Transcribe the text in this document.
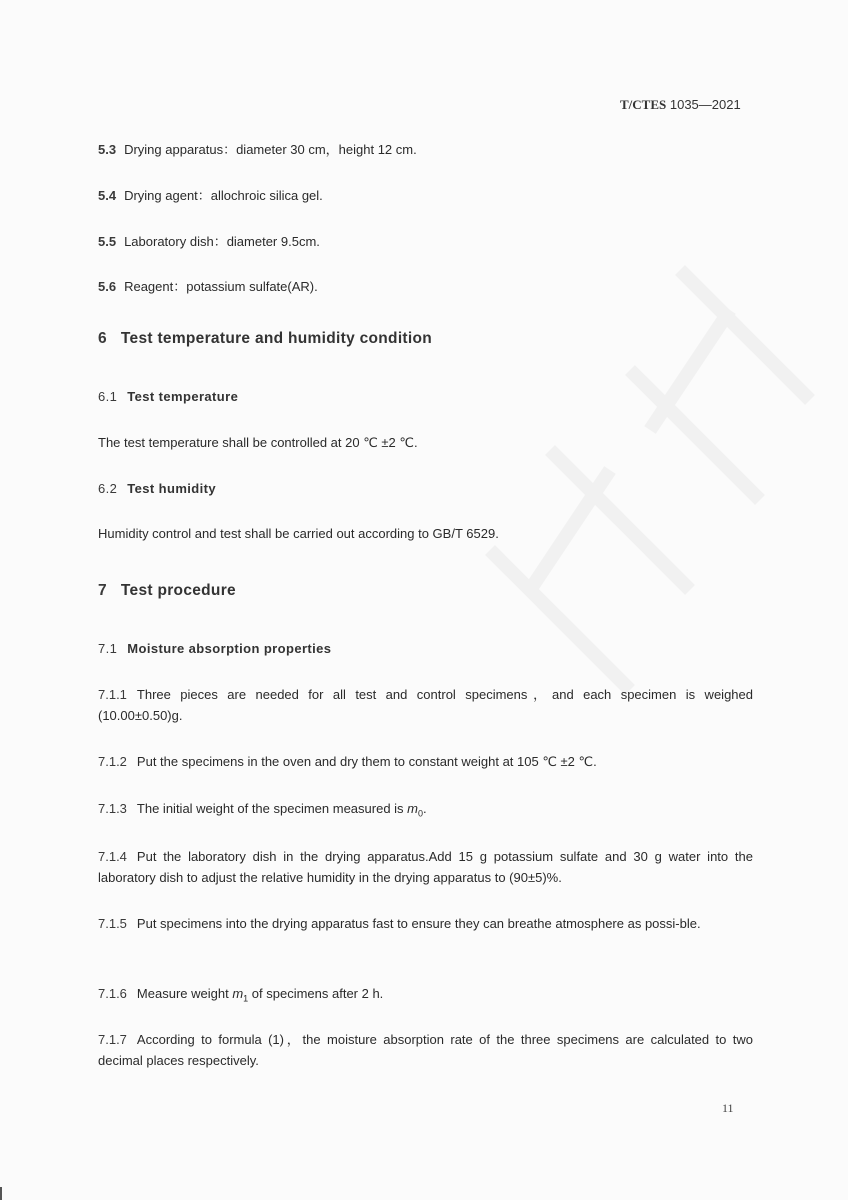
T/CTES 1035—2021
5.3 Drying apparatus：diameter 30 cm，height 12 cm.
5.4 Drying agent：allochroic silica gel.
5.5 Laboratory dish：diameter 9.5cm.
5.6 Reagent：potassium sulfate(AR).
6 Test temperature and humidity condition
6.1 Test temperature
The test temperature shall be controlled at 20 ℃ ±2 ℃.
6.2 Test humidity
Humidity control and test shall be carried out according to GB/T 6529.
7 Test procedure
7.1 Moisture absorption properties
7.1.1 Three pieces are needed for all test and control specimens，and each specimen is weighed (10.00±0.50)g.
7.1.2 Put the specimens in the oven and dry them to constant weight at 105 ℃ ±2 ℃.
7.1.3 The initial weight of the specimen measured is $m_0$.
7.1.4 Put the laboratory dish in the drying apparatus.Add 15 g potassium sulfate and 30 g water into the laboratory dish to adjust the relative humidity in the drying apparatus to (90±5)%.
7.1.5 Put specimens into the drying apparatus fast to ensure they can breathe atmosphere as possi-ble.
7.1.6 Measure weight $m_1$ of specimens after 2 h.
7.1.7 According to formula (1)，the moisture absorption rate of the three specimens are calculated to two decimal places respectively.
11
